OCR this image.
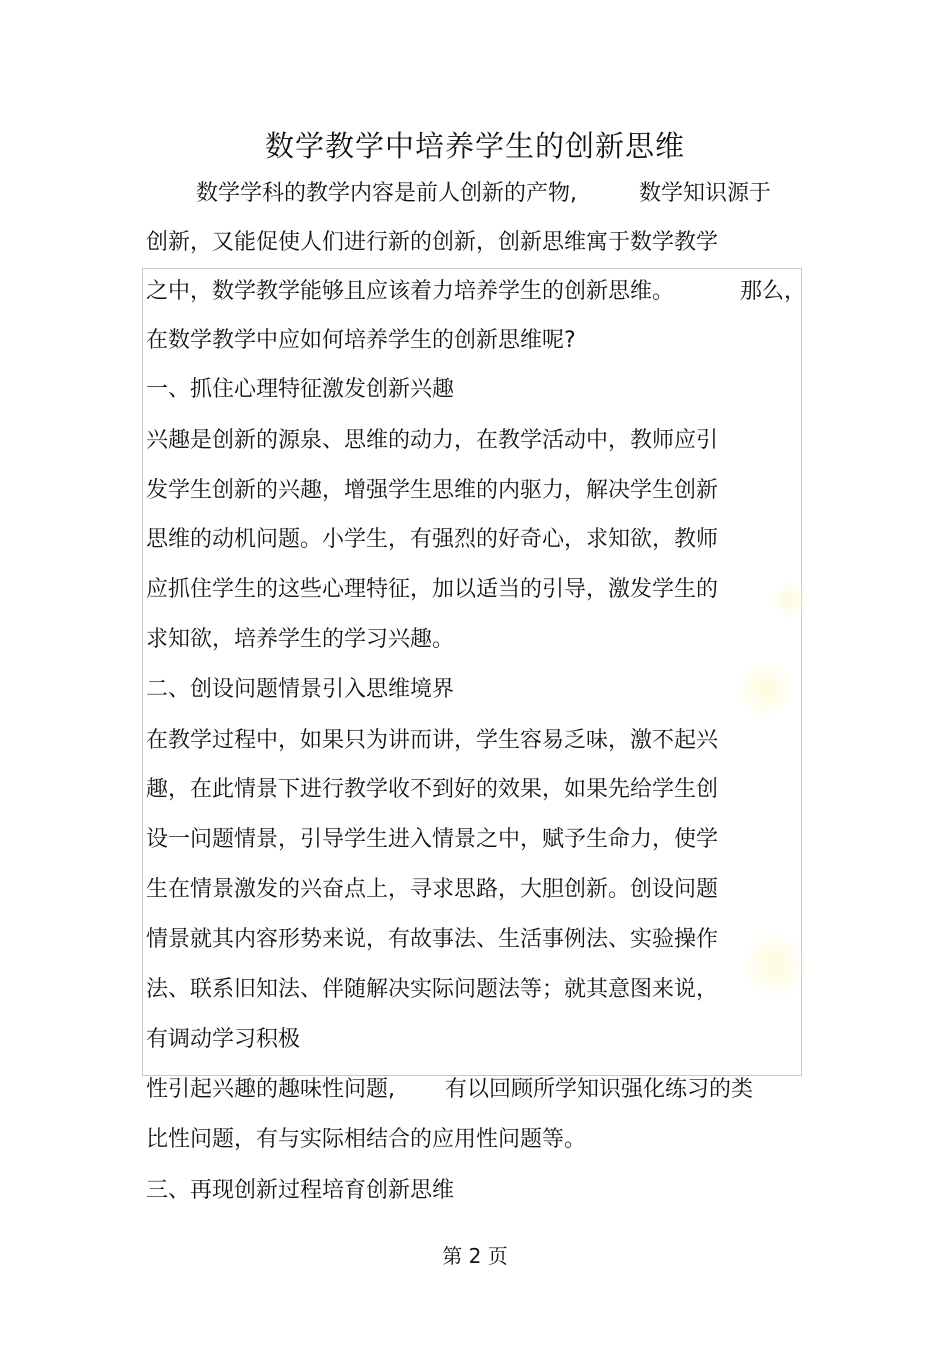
数学教学中培养学生的创新思维
数学学科的教学内容是前人创新的产物,	数学知识源于
创新，又能促使人们进行新的创新，创新思维寓于数学教学
之中，数学教学能够且应该着力培养学生的创新思维。	那么，
在数学教学中应如何培养学生的创新思维呢?
一、抓住心理特征激发创新兴趣
兴趣是创新的源泉、思维的动力，在教学活动中，教师应引
发学生创新的兴趣，增强学生思维的内驱力，解决学生创新
思维的动机问题。小学生，有强烈的好奇心，求知欲，教师
应抓住学生的这些心理特征，加以适当的引导，激发学生的
求知欲，培养学生的学习兴趣。
二、创设问题情景引入思维境界
在教学过程中，如果只为讲而讲，学生容易乏味，激不起兴
趣，在此情景下进行教学收不到好的效果，如果先给学生创
设一问题情景，引导学生进入情景之中，赋予生命力，使学
生在情景激发的兴奋点上，寻求思路，大胆创新。创设问题
情景就其内容形势来说，有故事法、生活事例法、实验操作
法、联系旧知法、伴随解决实际问题法等；就其意图来说，
有调动学习积极
性引起兴趣的趣味性问题, 有以回顾所学知识强化练习的类
比性问题，有与实际相结合的应用性问题等。
三、再现创新过程培育创新思维
第 2 页
